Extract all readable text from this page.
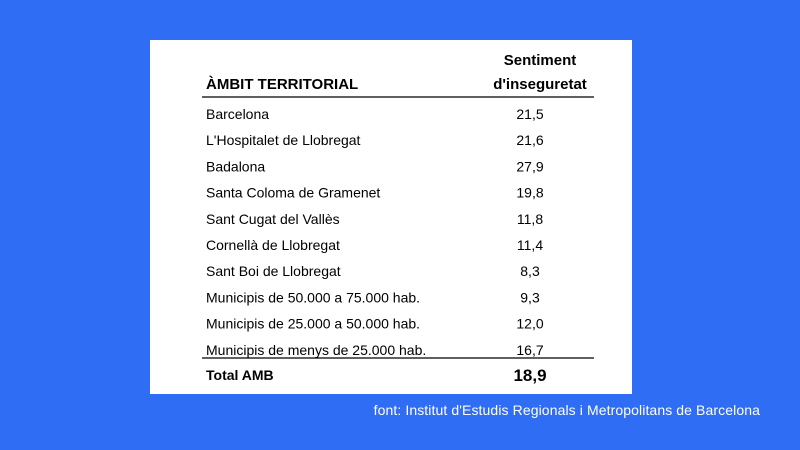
ÀMBIT TERRITORIAL
Sentiment
d'inseguretat
Barcelona	21,5
L'Hospitalet de Llobregat	21,6
Badalona	27,9
Santa Coloma de Gramenet	19,8
Sant Cugat del Vallès	11,8
Cornellà de Llobregat	11,4
Sant Boi de Llobregat	8,3
Municipis de 50.000 a 75.000 hab.	9,3
Municipis de 25.000 a 50.000 hab.	12,0
Municipis de menys de 25.000 hab.	16,7
Total AMB	18,9
font: Institut d'Estudis Regionals i Metropolitans de Barcelona
